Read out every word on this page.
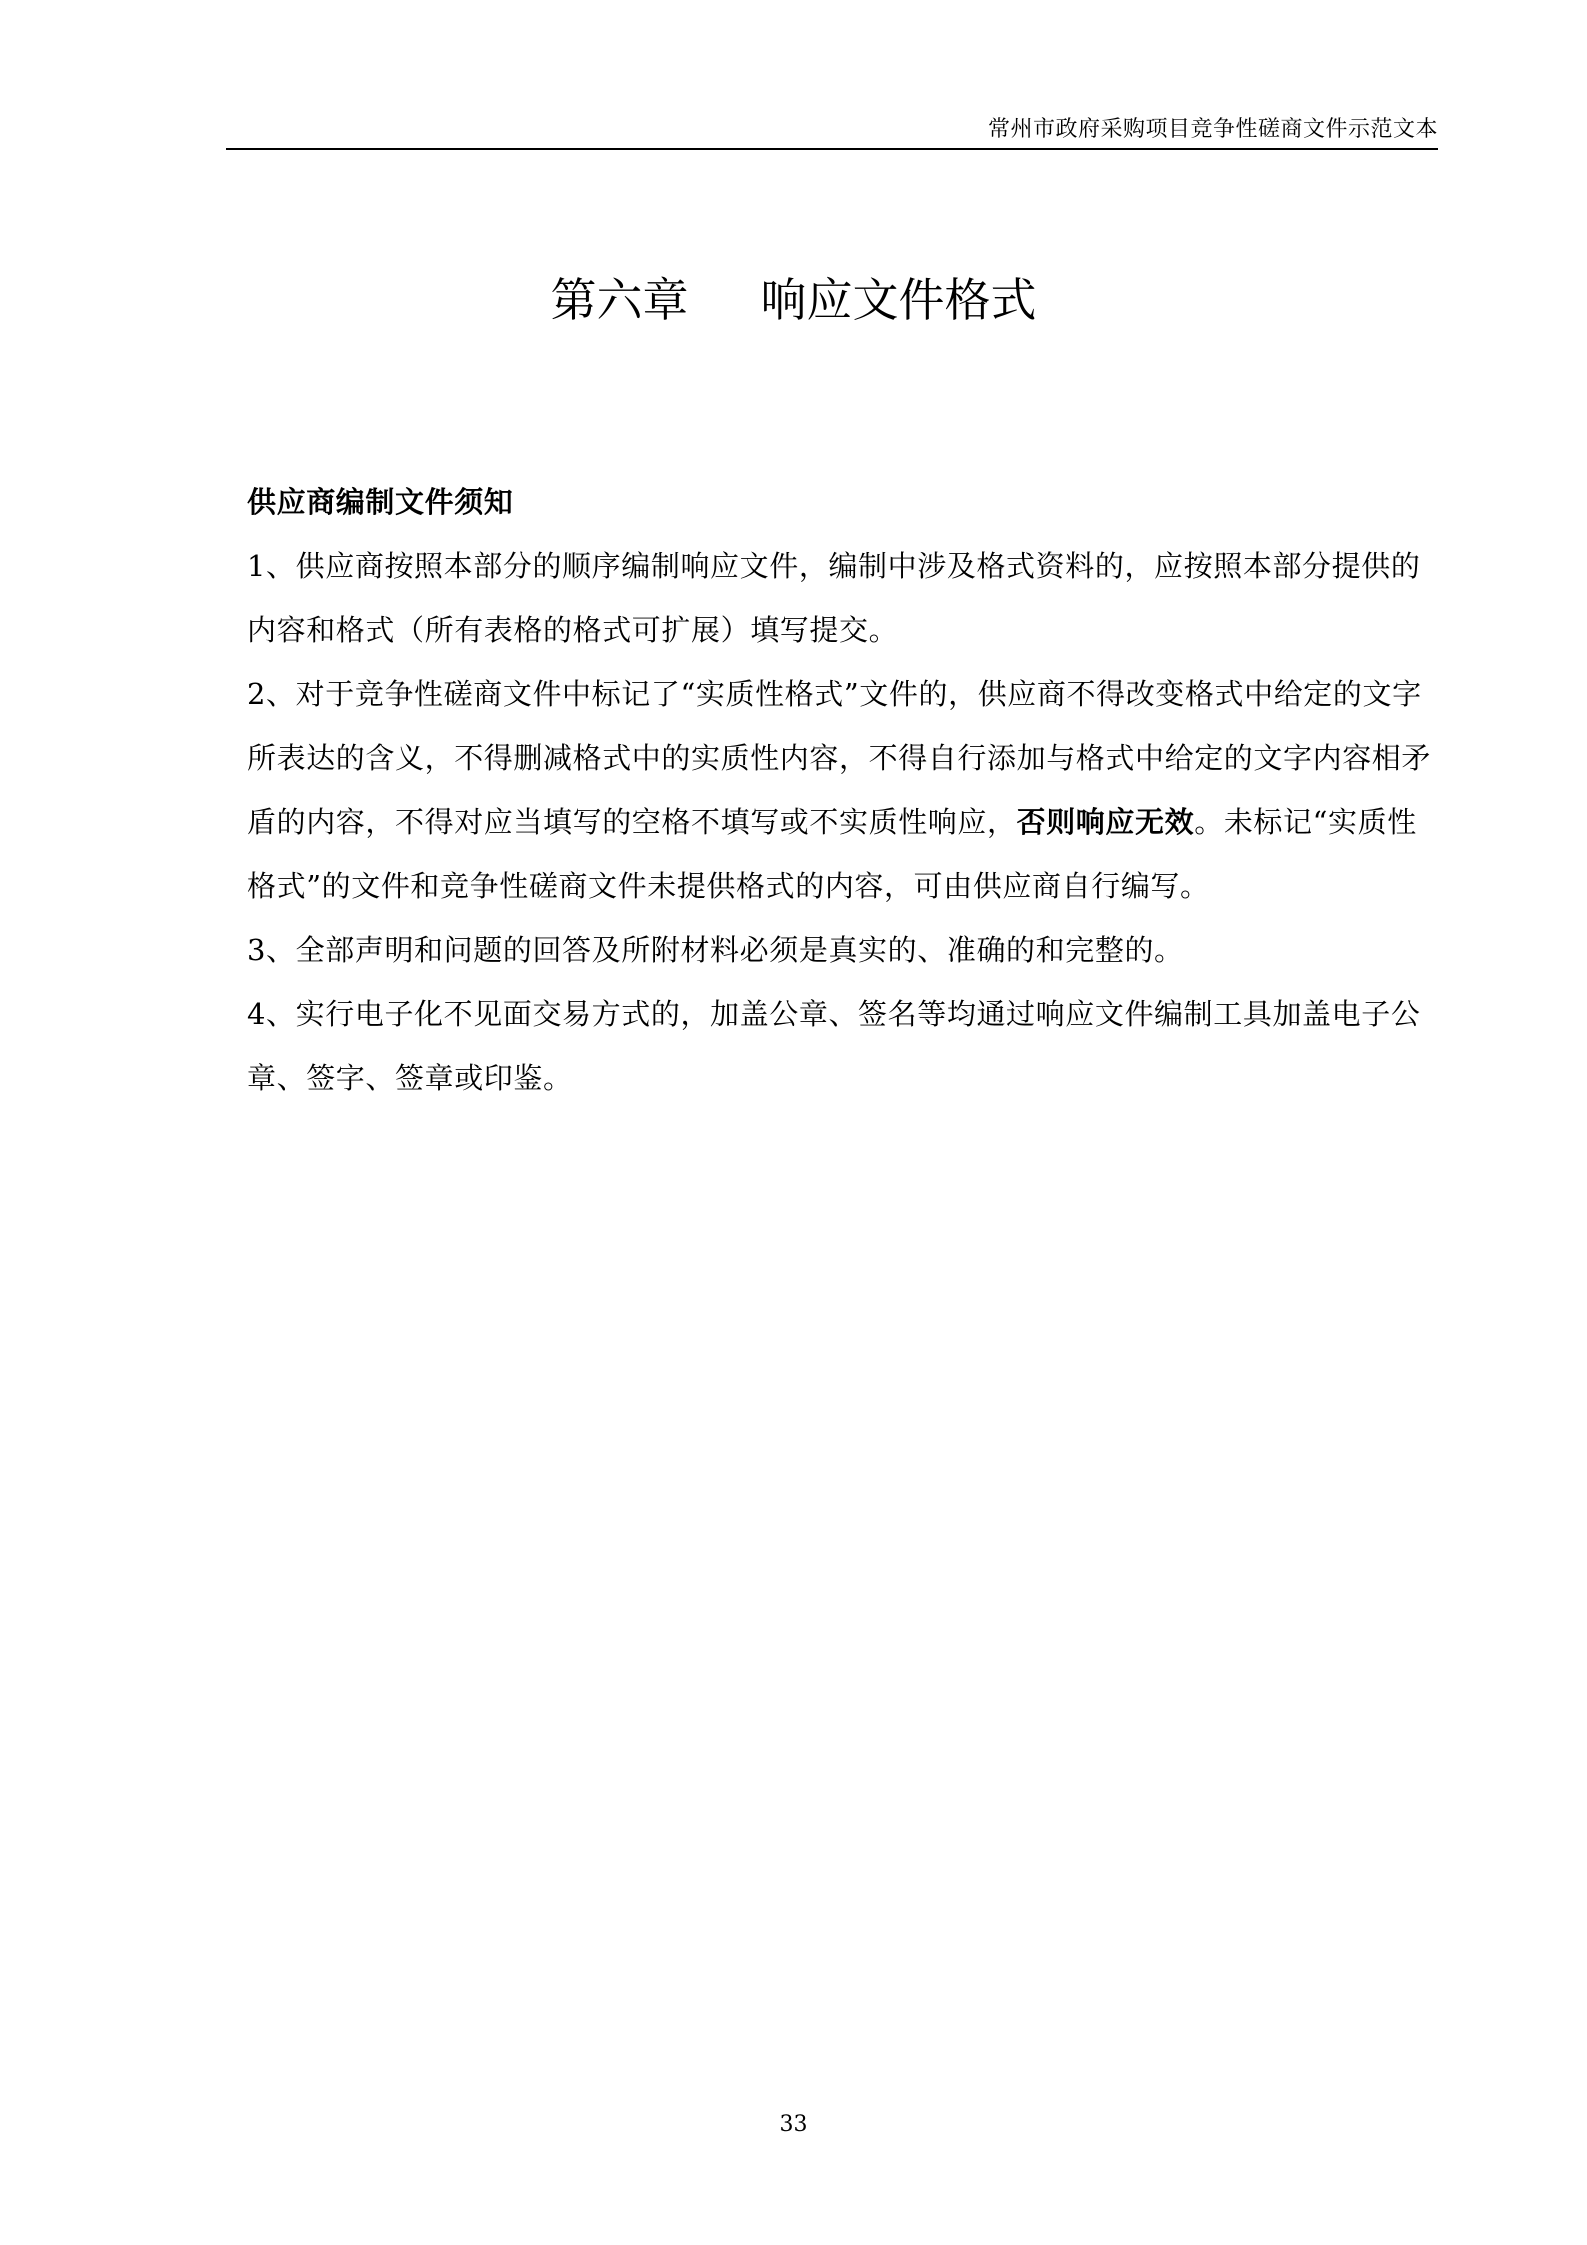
常州市政府采购项目竞争性磋商文件示范文本
第六章 响应文件格式

供应商编制文件须知

1、供应商按照本部分的顺序编制响应文件，编制中涉及格式资料的，应按照本部分提供的内容和格式（所有表格的格式可扩展）填写提交。

2、对于竞争性磋商文件中标记了“实质性格式”文件的，供应商不得改变格式中给定的文字所表达的含义，不得删减格式中的实质性内容，不得自行添加与格式中给定的文字内容相矛盾的内容，不得对应当填写的空格不填写或不实质性响应，否则响应无效。未标记“实质性格式”的文件和竞争性磋商文件未提供格式的内容，可由供应商自行编写。

3、全部声明和问题的回答及所附材料必须是真实的、准确的和完整的。

4、实行电子化不见面交易方式的，加盖公章、签名等均通过响应文件编制工具加盖电子公章、签字、签章或印鉴。

33
